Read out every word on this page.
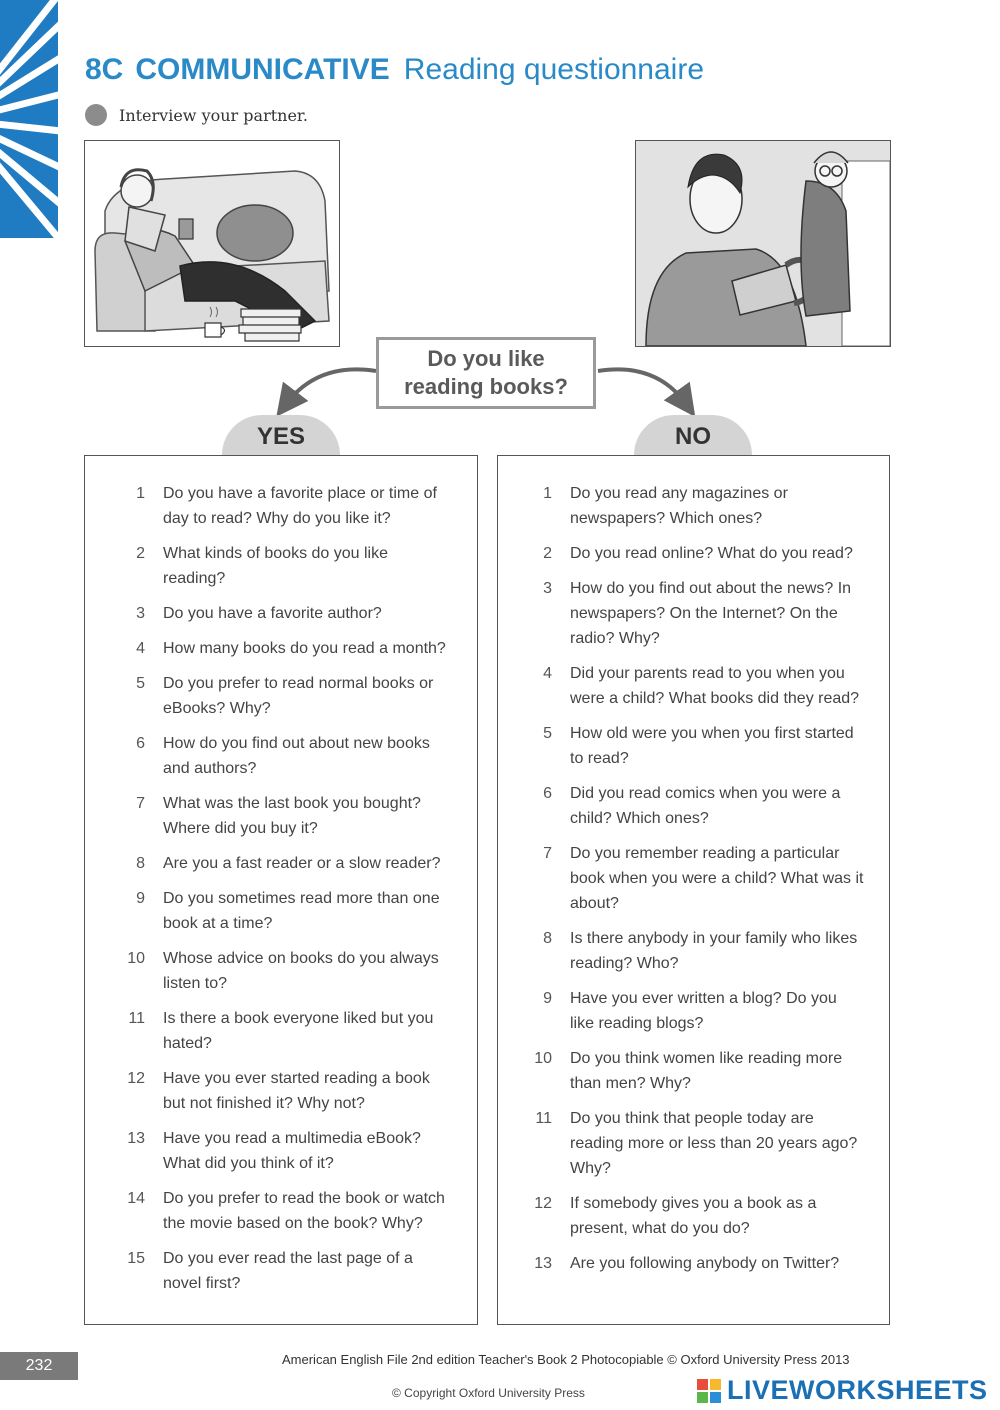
8C COMMUNICATIVE Reading questionnaire
Interview your partner.
Do you like reading books?
YES	NO
1	Do you have a favorite place or time of day to read? Why do you like it?
2	What kinds of books do you like reading?
3	Do you have a favorite author?
4	How many books do you read a month?
5	Do you prefer to read normal books or eBooks? Why?
6	How do you find out about new books and authors?
7	What was the last book you bought? Where did you buy it?
8	Are you a fast reader or a slow reader?
9	Do you sometimes read more than one book at a time?
10	Whose advice on books do you always listen to?
11	Is there a book everyone liked but you hated?
12	Have you ever started reading a book but not finished it? Why not?
13	Have you read a multimedia eBook? What did you think of it?
14	Do you prefer to read the book or watch the movie based on the book? Why?
15	Do you ever read the last page of a novel first?
1	Do you read any magazines or newspapers? Which ones?
2	Do you read online? What do you read?
3	How do you find out about the news? In newspapers? On the Internet? On the radio? Why?
4	Did your parents read to you when you were a child? What books did they read?
5	How old were you when you first started to read?
6	Did you read comics when you were a child? Which ones?
7	Do you remember reading a particular book when you were a child? What was it about?
8	Is there anybody in your family who likes reading? Who?
9	Have you ever written a blog? Do you like reading blogs?
10	Do you think women like reading more than men? Why?
11	Do you think that people today are reading more or less than 20 years ago? Why?
12	If somebody gives you a book as a present, what do you do?
13	Are you following anybody on Twitter?
232	American English File 2nd edition Teacher's Book 2 Photocopiable © Oxford University Press 2013
© Copyright Oxford University Press	LIVEWORKSHEETS
